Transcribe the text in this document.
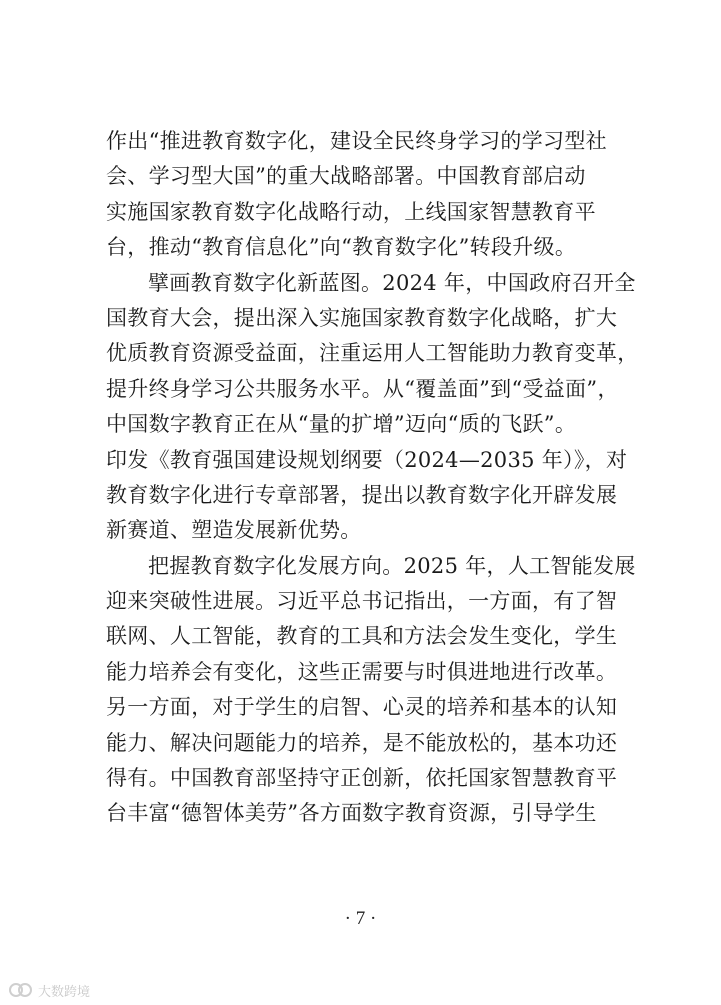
作出“推进教育数字化，建设全民终身学习的学习型社
会、学习型大国”的重大战略部署。中国教育部启动
实施国家教育数字化战略行动，上线国家智慧教育平
台，推动“教育信息化”向“教育数字化”转段升级。
擘画教育数字化新蓝图。2024 年，中国政府召开全
国教育大会，提出深入实施国家教育数字化战略，扩大
优质教育资源受益面，注重运用人工智能助力教育变革，
提升终身学习公共服务水平。从“覆盖面”到“受益面”，
中国数字教育正在从“量的扩增”迈向“质的飞跃”。
印发《教育强国建设规划纲要（2024—2035 年）》，对
教育数字化进行专章部署，提出以教育数字化开辟发展
新赛道、塑造发展新优势。
把握教育数字化发展方向。2025 年，人工智能发展
迎来突破性进展。习近平总书记指出，一方面，有了智
联网、人工智能，教育的工具和方法会发生变化，学生
能力培养会有变化，这些正需要与时俱进地进行改革。
另一方面，对于学生的启智、心灵的培养和基本的认知
能力、解决问题能力的培养，是不能放松的，基本功还
得有。中国教育部坚持守正创新，依托国家智慧教育平
台丰富“德智体美劳”各方面数字教育资源，引导学生
· 7 ·
大数跨境
